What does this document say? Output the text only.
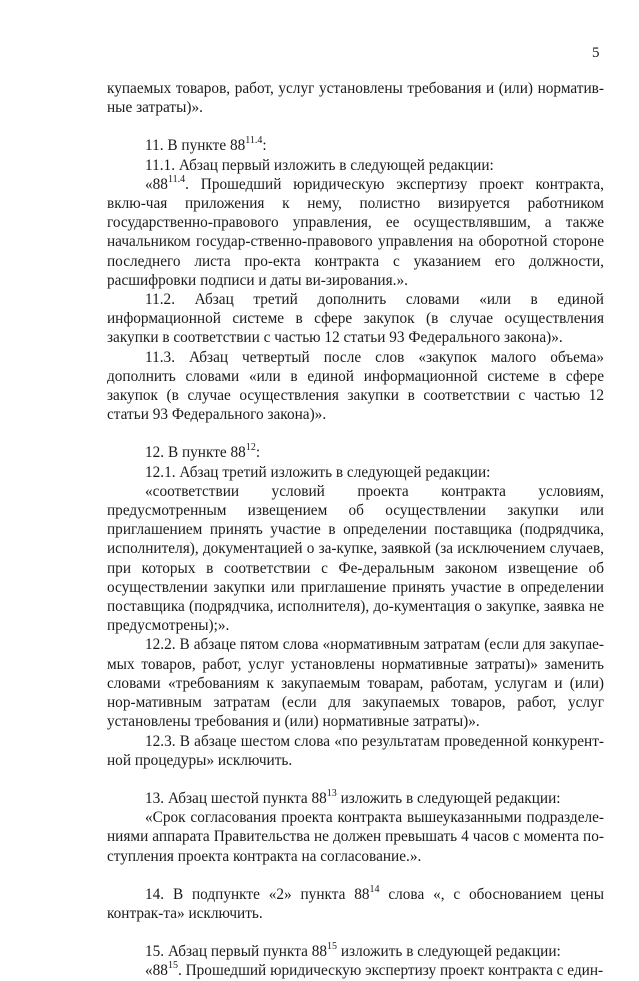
5

купаемых товаров, работ, услуг установлены требования и (или) норматив-ные затраты)».

11. В пункте $88^{11.4}$:

11.1. Абзац первый изложить в следующей редакции:

«$88^{11.4}$. Прошедший юридическую экспертизу проект контракта, вклю-чая приложения к нему, полистно визируется работником государственно-правового управления, ее осуществлявшим, а также начальником государ-ственно-правового управления на оборотной стороне последнего листа про-екта контракта с указанием его должности, расшифровки подписи и даты ви-зирования.».

11.2. Абзац третий дополнить словами «или в единой информационной системе в сфере закупок (в случае осуществления закупки в соответствии с частью 12 статьи 93 Федерального закона)».

11.3. Абзац четвертый после слов «закупок малого объема» дополнить словами «или в единой информационной системе в сфере закупок (в случае осуществления закупки в соответствии с частью 12 статьи 93 Федерального закона)».

12. В пункте $88^{12}$:

12.1. Абзац третий изложить в следующей редакции:

«соответствии условий проекта контракта условиям, предусмотренным извещением об осуществлении закупки или приглашением принять участие в определении поставщика (подрядчика, исполнителя), документацией о за-купке, заявкой (за исключением случаев, при которых в соответствии с Фе-деральным законом извещение об осуществлении закупки или приглашение принять участие в определении поставщика (подрядчика, исполнителя), до-кументация о закупке, заявка не предусмотрены);».

12.2. В абзаце пятом слова «нормативным затратам (если для закупае-мых товаров, работ, услуг установлены нормативные затраты)» заменить словами «требованиям к закупаемым товарам, работам, услугам и (или) нор-мативным затратам (если для закупаемых товаров, работ, услуг установлены требования и (или) нормативные затраты)».

12.3. В абзаце шестом слова «по результатам проведенной конкурент-ной процедуры» исключить.

13. Абзац шестой пункта $88^{13}$ изложить в следующей редакции:

«Срок согласования проекта контракта вышеуказанными подразделе-ниями аппарата Правительства не должен превышать 4 часов с момента по-ступления проекта контракта на согласование.».

14. В подпункте «2» пункта $88^{14}$ слова «, с обоснованием цены контрак-та» исключить.

15. Абзац первый пункта $88^{15}$ изложить в следующей редакции:

«$88^{15}$. Прошедший юридическую экспертизу проект контракта с един-
